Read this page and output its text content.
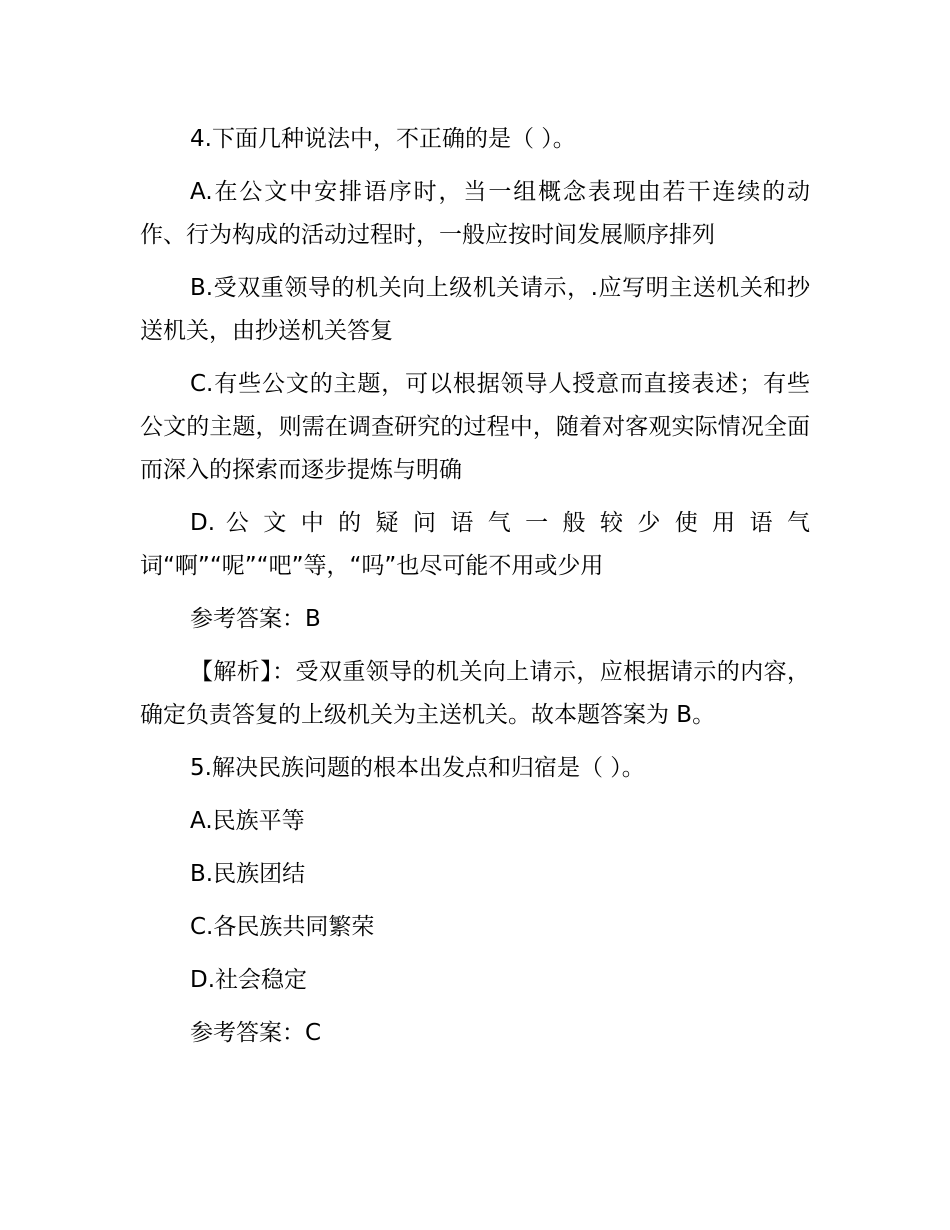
4.下面几种说法中，不正确的是（ ）。

A.在公文中安排语序时，当一组概念表现由若干连续的动作、行为构成的活动过程时，一般应按时间发展顺序排列

B.受双重领导的机关向上级机关请示，.应写明主送机关和抄送机关，由抄送机关答复

C.有些公文的主题，可以根据领导人授意而直接表述；有些公文的主题，则需在调查研究的过程中，随着对客观实际情况全面而深入的探索而逐步提炼与明确

D. 公 文 中 的 疑 问 语 气 一 般 较 少 使 用 语 气

词“啊”“呢”“吧”等，“吗”也尽可能不用或少用

参考答案：B

【解析】：受双重领导的机关向上请示，应根据请示的内容，确定负责答复的上级机关为主送机关。故本题答案为 B。

5.解决民族问题的根本出发点和归宿是（ ）。

A.民族平等

B.民族团结

C.各民族共同繁荣

D.社会稳定

参考答案：C
